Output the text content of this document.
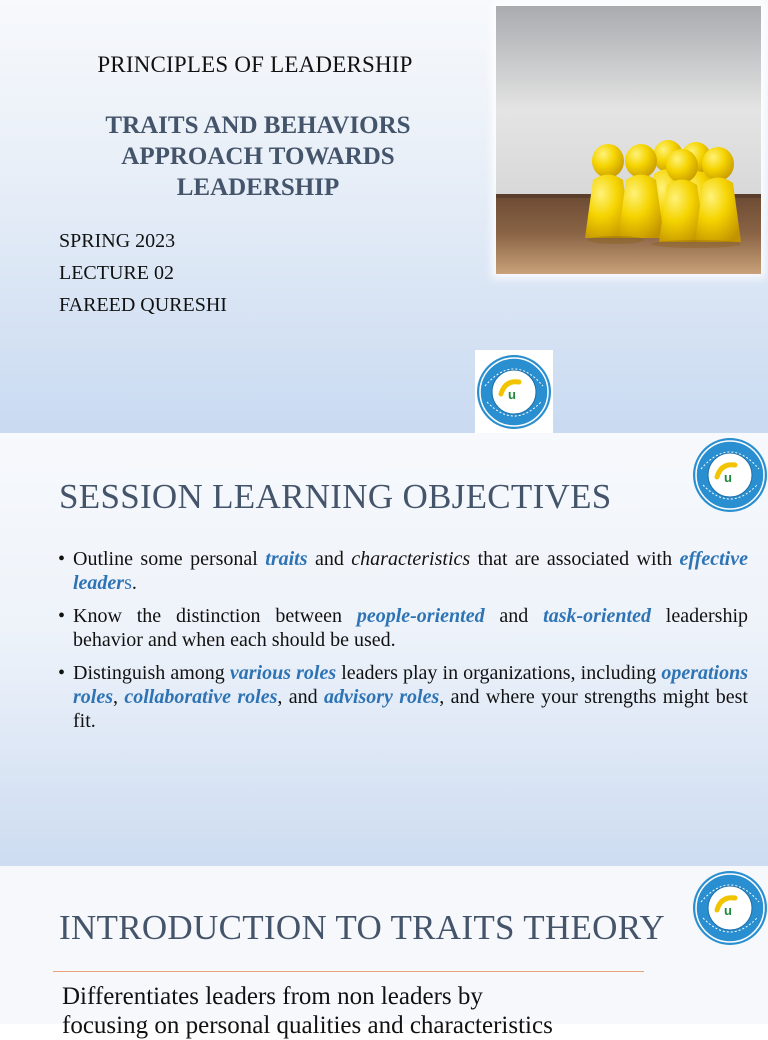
PRINCIPLES OF LEADERSHIP
TRAITS AND BEHAVIORS
APPROACH TOWARDS
LEADERSHIP
SPRING 2023
LECTURE 02
FAREED QURESHI
u
u
SESSION LEARNING OBJECTIVES
• Outline some personal traits and characteristics that are associated with effective leaders.
• Know the distinction between people-oriented and task-oriented leadership behavior and when each should be used.
• Distinguish among various roles leaders play in organizations, including operations roles, collaborative roles, and advisory roles, and where your strengths might best fit.
u
INTRODUCTION TO TRAITS THEORY
Differentiates leaders from non leaders by
focusing on personal qualities and characteristics
